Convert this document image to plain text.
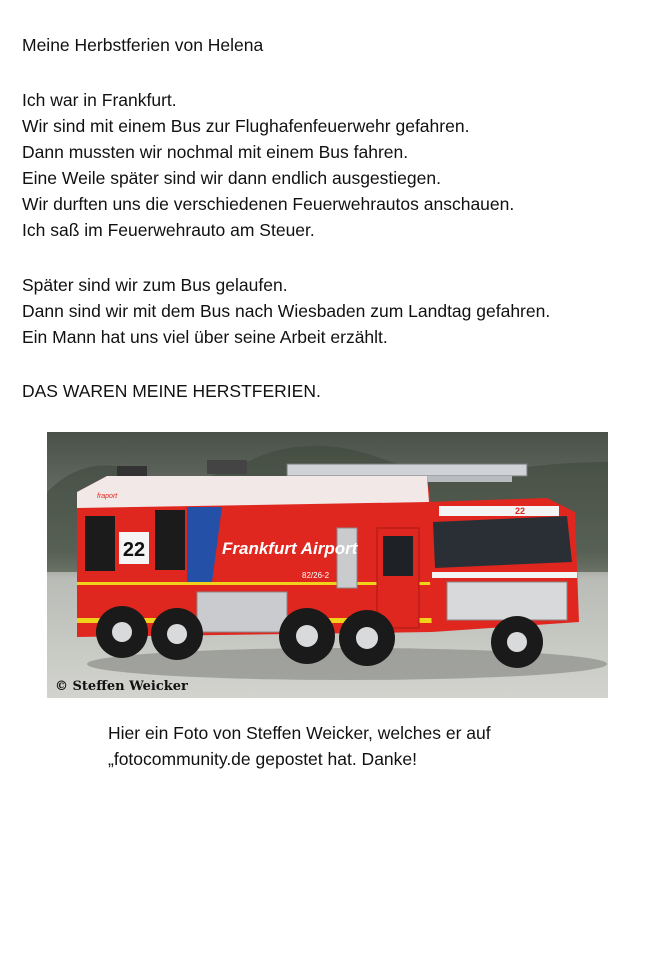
Meine Herbstferien von Helena
Ich war in Frankfurt.
Wir sind mit einem Bus zur Flughafenfeuerwehr gefahren.
Dann mussten wir nochmal mit einem Bus fahren.
Eine Weile später sind wir dann endlich ausgestiegen.
Wir durften uns die verschiedenen Feuerwehrautos anschauen.
Ich saß im Feuerwehrauto am Steuer.
Später sind wir zum Bus gelaufen.
Dann sind wir mit dem Bus nach Wiesbaden zum Landtag gefahren.
Ein Mann hat uns viel über seine Arbeit erzählt.
DAS WAREN MEINE HERSTFERIEN.
22	Frankfurt Airport
82/26-2
fraport
22
© Steffen Weicker
Hier ein Foto von Steffen Weicker, welches er auf
„fotocommunity.de gepostet hat. Danke!
